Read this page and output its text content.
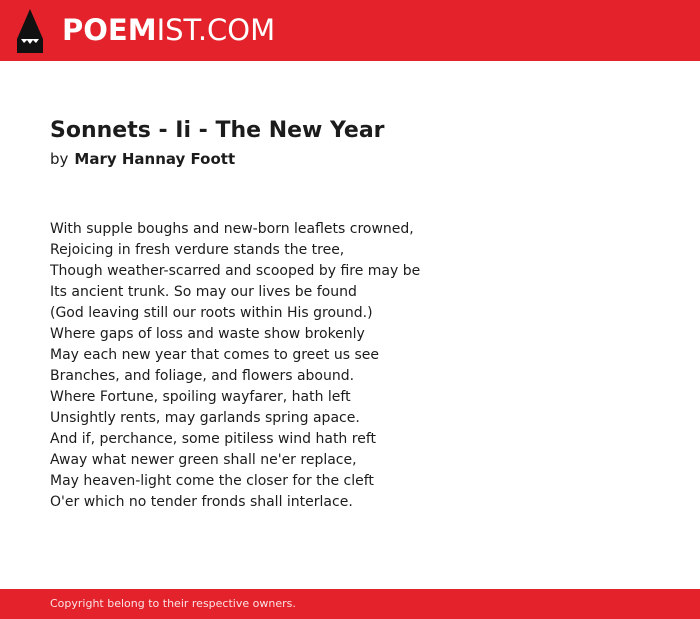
POEMIST.COM
Sonnets - Ii - The New Year
by Mary Hannay Foott
With supple boughs and new-born leaflets crowned,
Rejoicing in fresh verdure stands the tree,
Though weather-scarred and scooped by fire may be
Its ancient trunk. So may our lives be found
(God leaving still our roots within His ground.)
Where gaps of loss and waste show brokenly
May each new year that comes to greet us see
Branches, and foliage, and flowers abound.
Where Fortune, spoiling wayfarer, hath left
Unsightly rents, may garlands spring apace.
And if, perchance, some pitiless wind hath reft
Away what newer green shall ne'er replace,
May heaven-light come the closer for the cleft
O'er which no tender fronds shall interlace.
Copyright belong to their respective owners.
